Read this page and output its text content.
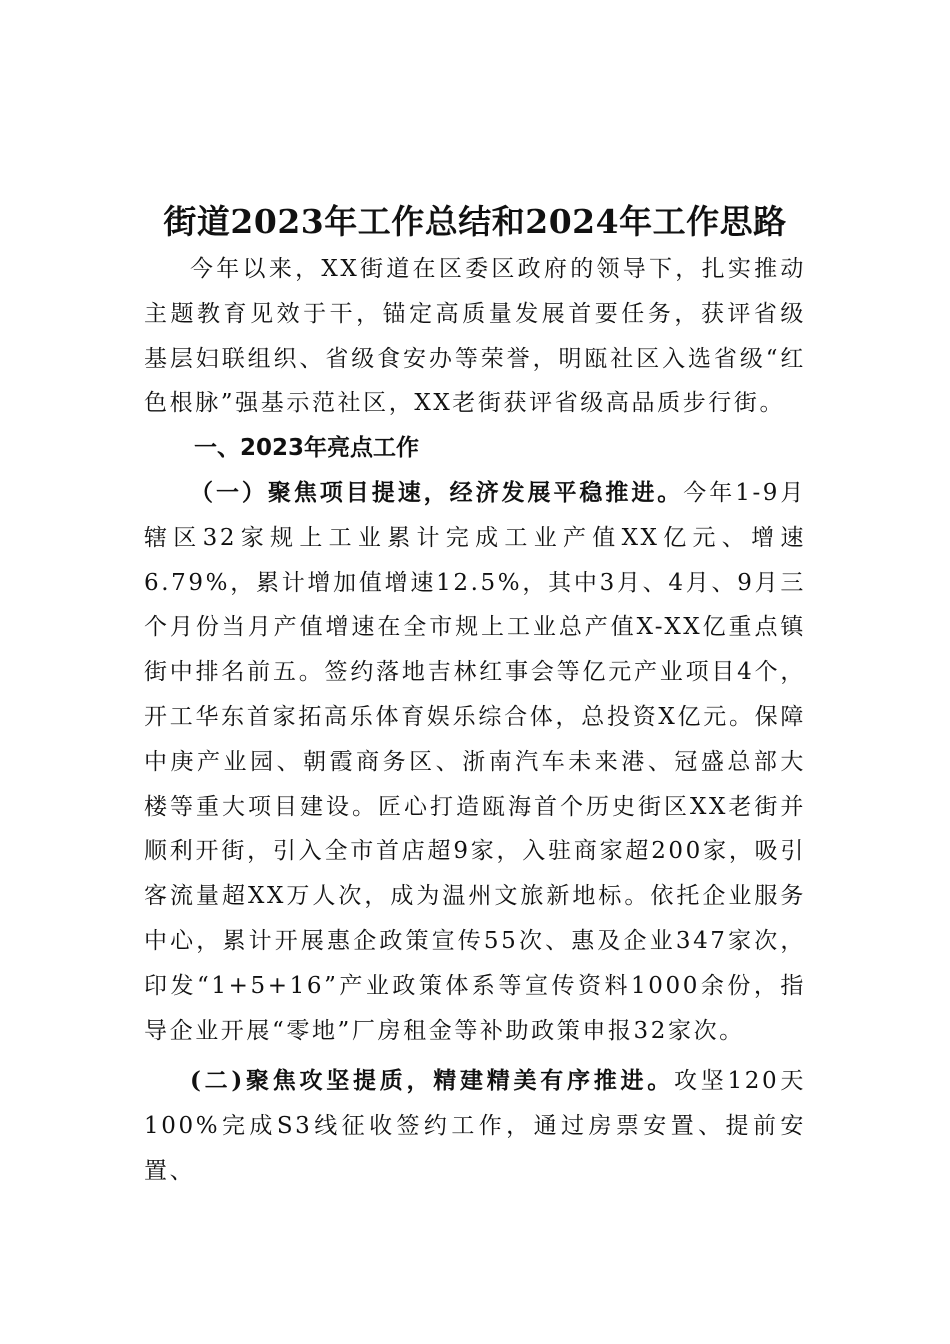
街道2023年工作总结和2024年工作思路

今年以来，XX街道在区委区政府的领导下，扎实推动主题教育见效于干，锚定高质量发展首要任务，获评省级基层妇联组织、省级食安办等荣誉，明瓯社区入选省级“红色根脉”强基示范社区，XX老街获评省级高品质步行街。

一、2023年亮点工作

（一）聚焦项目提速，经济发展平稳推进。今年1-9月辖区32家规上工业累计完成工业产值XX亿元、增速6.79%，累计增加值增速12.5%，其中3月、4月、9月三个月份当月产值增速在全市规上工业总产值X-XX亿重点镇街中排名前五。签约落地吉林红事会等亿元产业项目4个，开工华东首家拓高乐体育娱乐综合体，总投资X亿元。保障中庚产业园、朝霞商务区、浙南汽车未来港、冠盛总部大楼等重大项目建设。匠心打造瓯海首个历史街区XX老街并顺利开街，引入全市首店超9家，入驻商家超200家，吸引客流量超XX万人次，成为温州文旅新地标。依托企业服务中心，累计开展惠企政策宣传55次、惠及企业347家次，印发“1+5+16”产业政策体系等宣传资料1000余份，指导企业开展“零地”厂房租金等补助政策申报32家次。

(二)聚焦攻坚提质，精建精美有序推进。攻坚120天100%完成S3线征收签约工作，通过房票安置、提前安置、
